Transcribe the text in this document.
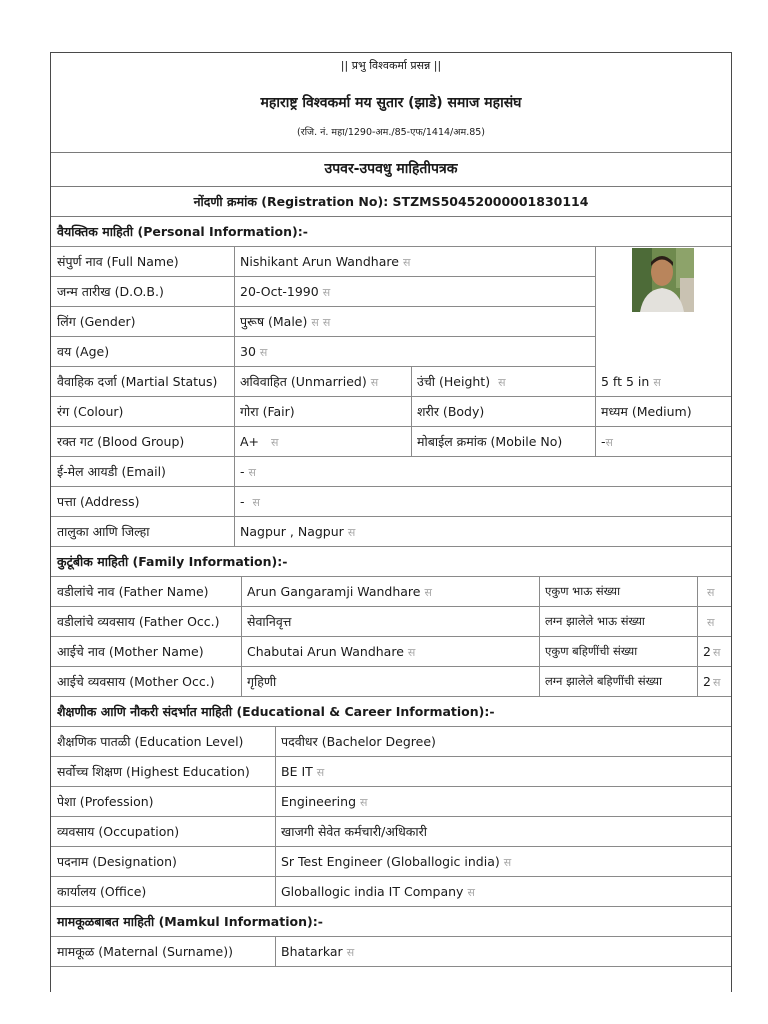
|| प्रभु विश्वकर्मा प्रसन्न ||
महाराष्ट्र विश्वकर्मा मय सुतार (झाडे) समाज महासंघ
(रजि. नं. महा/1290-अम./85-एफ/1414/अम.85)
उपवर-उपवधु माहितीपत्रक
नोंदणी क्रमांक (Registration No): STZMS50452000001830114
वैयक्तिक माहिती (Personal Information):-
संपुर्ण नाव (Full Name)	Nishikant Arun Wandhare स
जन्म तारीख (D.O.B.)	20-Oct-1990 स
लिंग (Gender)	पुरूष (Male) स स
वय (Age)	30 स
वैवाहिक दर्जा (Martial Status)	अविवाहित (Unmarried) स	उंची (Height) स	5 ft 5 in स
रंग (Colour)	गोरा (Fair)	शरीर (Body)	मध्यम (Medium)
रक्त गट (Blood Group)	A+ स	मोबाईल क्रमांक (Mobile No)	-स
ई-मेल आयडी (Email)	- स
पत्ता (Address)	- स
तालुका आणि जिल्हा	Nagpur , Nagpur स
कुटूंबीक माहिती (Family Information):-
वडीलांचे नाव (Father Name)	Arun Gangaramji Wandhare स	एकुण भाऊ संख्या	स
वडीलांचे व्यवसाय (Father Occ.)	सेवानिवृत्त	लग्न झालेले भाऊ संख्या	स
आईचे नाव (Mother Name)	Chabutai Arun Wandhare स	एकुण बहिणींची संख्या	2 स
आईचे व्यवसाय (Mother Occ.)	गृहिणी	लग्न झालेले बहिणींची संख्या	2 स
शैक्षणीक आणि नौकरी संदर्भात माहिती (Educational & Career Information):-
शैक्षणिक पातळी (Education Level)	पदवीधर (Bachelor Degree)
सर्वोच्च शिक्षण (Highest Education)	BE IT स
पेशा (Profession)	Engineering स
व्यवसाय (Occupation)	खाजगी सेवेत कर्मचारी/अधिकारी
पदनाम (Designation)	Sr Test Engineer (Globallogic india) स
कार्यालय (Office)	Globallogic india IT Company स
मामकूळबाबत माहिती (Mamkul Information):-
मामकूळ (Maternal (Surname))	Bhatarkar स
